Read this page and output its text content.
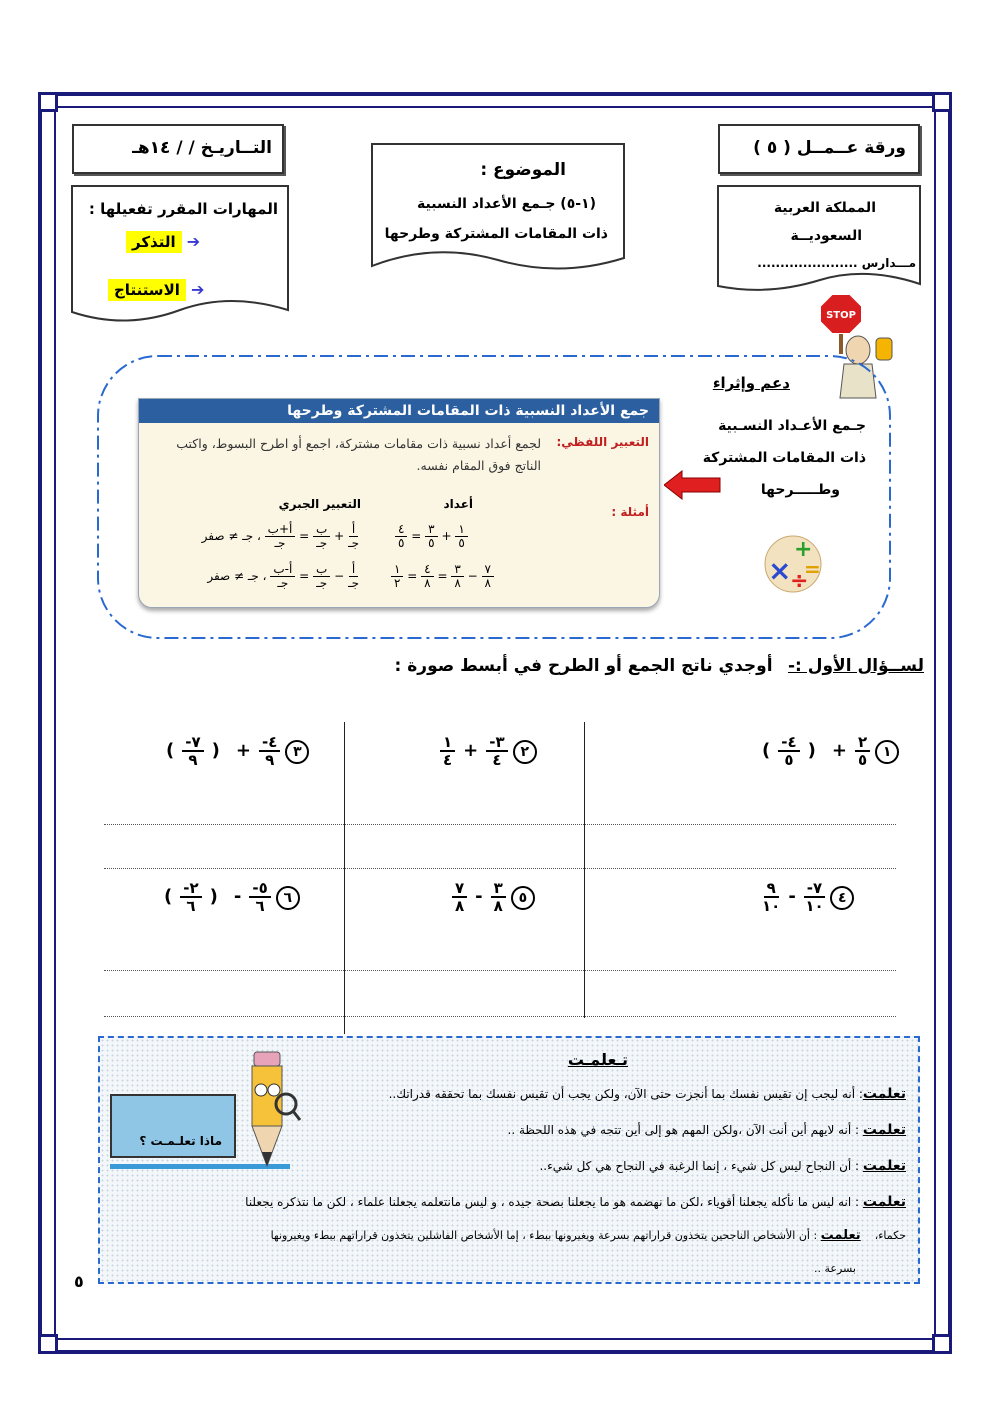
التــاريـخ / / ١٤هـ	ورقة عــمــل ( ٥ )
الموضوع :
(١-٥) جـمع الأعداد النسبية
ذات المقامات المشتركة وطرحها
المملكة العربية
السعوديــة
مـــدارس ......................
المهارات المقرر تفعيلها :
التذكر ➔
الاستنتاج ➔
STOP
دعم وإثراء
جـمع الأعـداد النسـبية
ذات المقامات المشتركة
وطـــــرحها
×
+
÷
=
جمع الأعداد النسبية ذات المقامات المشتركة وطرحها
التعبير اللفظي:
لجمع أعداد نسبية ذات مقامات مشتركة، اجمع أو اطرح البسوط، واكتب الناتج فوق المقام نفسه.
أمثلة :
أعداد
التعبير الجبري
$\frac{٤}{٥} = \frac{٣}{٥} + \frac{١}{٥}$
$\frac{١}{٢} = \frac{٤}{٨} = \frac{٣}{٨} - \frac{٧}{٨}$
$\frac{\text{أ}}{\text{جـ}}$
+
$\frac{\text{ب}}{\text{جـ}}$
=
$\frac{\text{أ+ب}}{\text{جـ}}$
، جـ ≠ صفر
$\frac{\text{أ}}{\text{جـ}}$
−
$\frac{\text{ب}}{\text{جـ}}$
=
$\frac{\text{أ-ب}}{\text{جـ}}$
، جـ ≠ صفر
لســؤال الأول :- أوجدي ناتج الجمع أو الطرح في أبسط صورة :
( $\frac{-٤}{٥}$ ) + $\frac{٢}{٥}$ ١
$\frac{١}{٤} + \frac{-٣}{٤}$ ٢
( $\frac{-٧}{٩}$ ) + $\frac{-٤}{٩}$ ٣
$\frac{٩}{١٠} - \frac{-٧}{١٠}$ ٤
$\frac{٧}{٨} - \frac{٣}{٨}$ ٥
( $\frac{-٢}{٦}$ ) - $\frac{-٥}{٦}$ ٦
تـعلمـت
ماذا تعلـمـت ؟
تعلمت: أنه ليجب إن تقيس نفسك بما أنجزت حتى الآن، ولكن يجب أن تقيس نفسك بما تحققه قدراتك..
تعلمت : أنه لايهم أين أنت الآن ،ولكن المهم هو إلى أين تتجه في هذه اللحظة ..
تعلمت : أن النجاح ليس كل شيء ، إنما الرغبة في النجاح هي كل شيء..
تعلمت : انه ليس ما نأكله يجعلنا أقوياء ،لكن ما نهضمه هو ما يجعلنا بصحة جيده ، و ليس مانتعلمه يجعلنا علماء ، لكن ما نتذكره يجعلنا
حكماء،تعلمت : أن الأشخاص الناجحين يتخذون قراراتهم بسرعة ويغيرونها ببطء ، إما الأشخاص الفاشلين يتخذون قراراتهم ببطء ويغيرونها
بسرعة ..
٥
